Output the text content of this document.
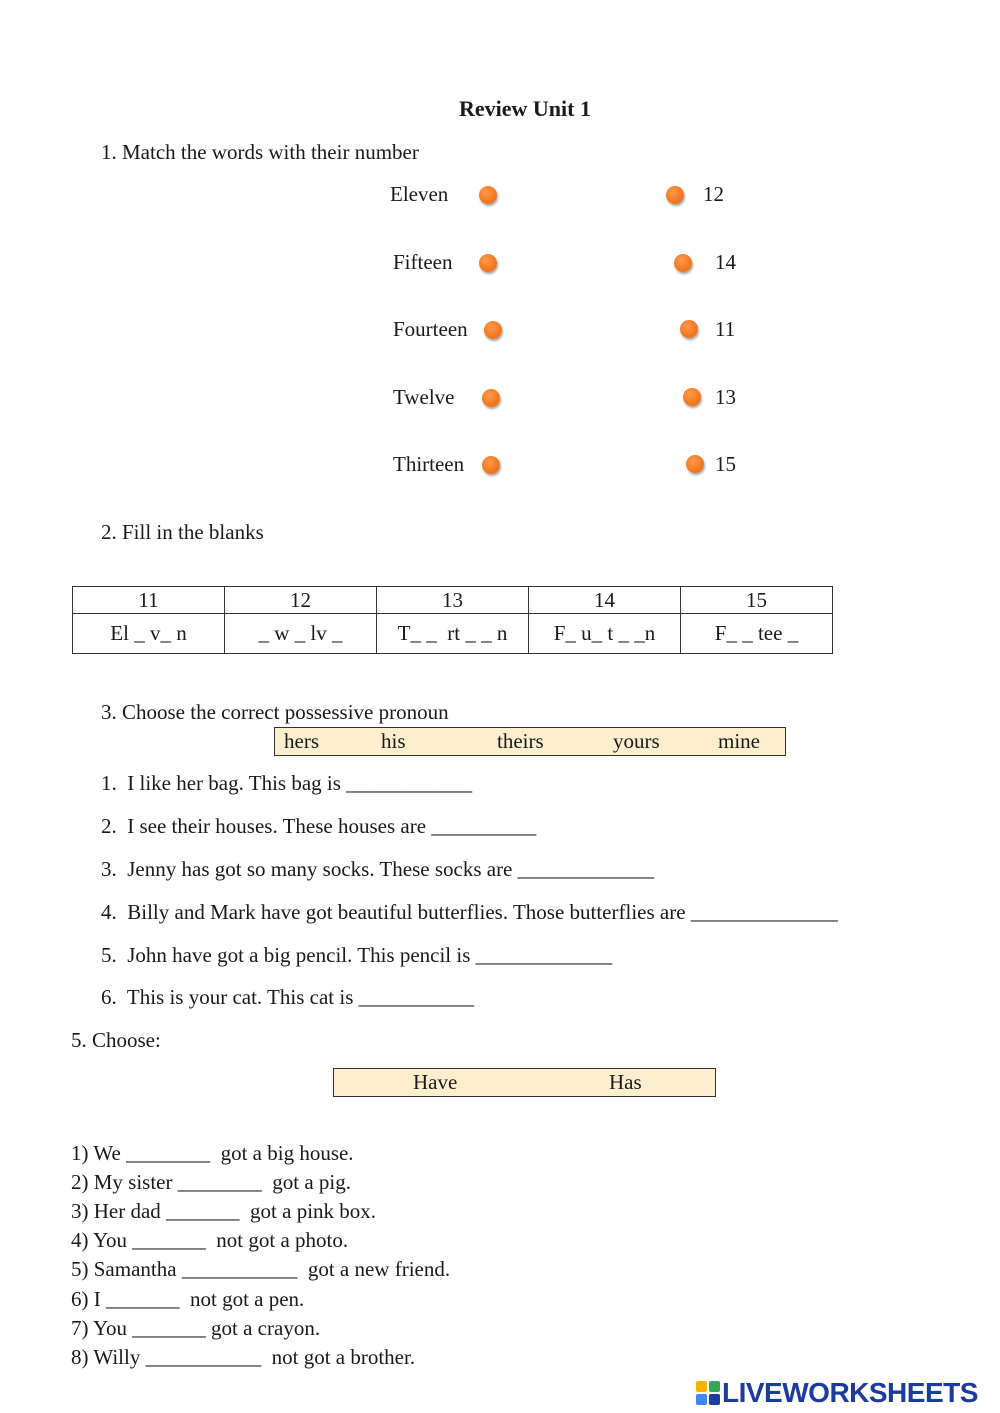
Review Unit 1
1. Match the words with their number
Eleven	12
Fifteen	14
Fourteen	11
Twelve	13
Thirteen	15
2. Fill in the blanks
11	12	13	14	15
El _ v_ n	_ w _ lv _	T_ _  rt _ _ n	F_ u_ t _ _n	F_ _ tee _
3. Choose the correct possessive pronoun
hers	his	theirs	yours	mine
1. I like her bag. This bag is ____________
2. I see their houses. These houses are __________
3. Jenny has got so many socks. These socks are _____________
4. Billy and Mark have got beautiful butterflies. Those butterflies are ______________
5. John have got a big pencil. This pencil is _____________
6. This is your cat. This cat is ___________
5. Choose:
Have	Has
1) We ________ got a big house.
2) My sister ________ got a pig.
3) Her dad _______ got a pink box.
4) You _______ not got a photo.
5) Samantha ___________ got a new friend.
6) I _______ not got a pen.
7) You _______ got a crayon.
8) Willy ___________ not got a brother.
LIVEWORKSHEETS
